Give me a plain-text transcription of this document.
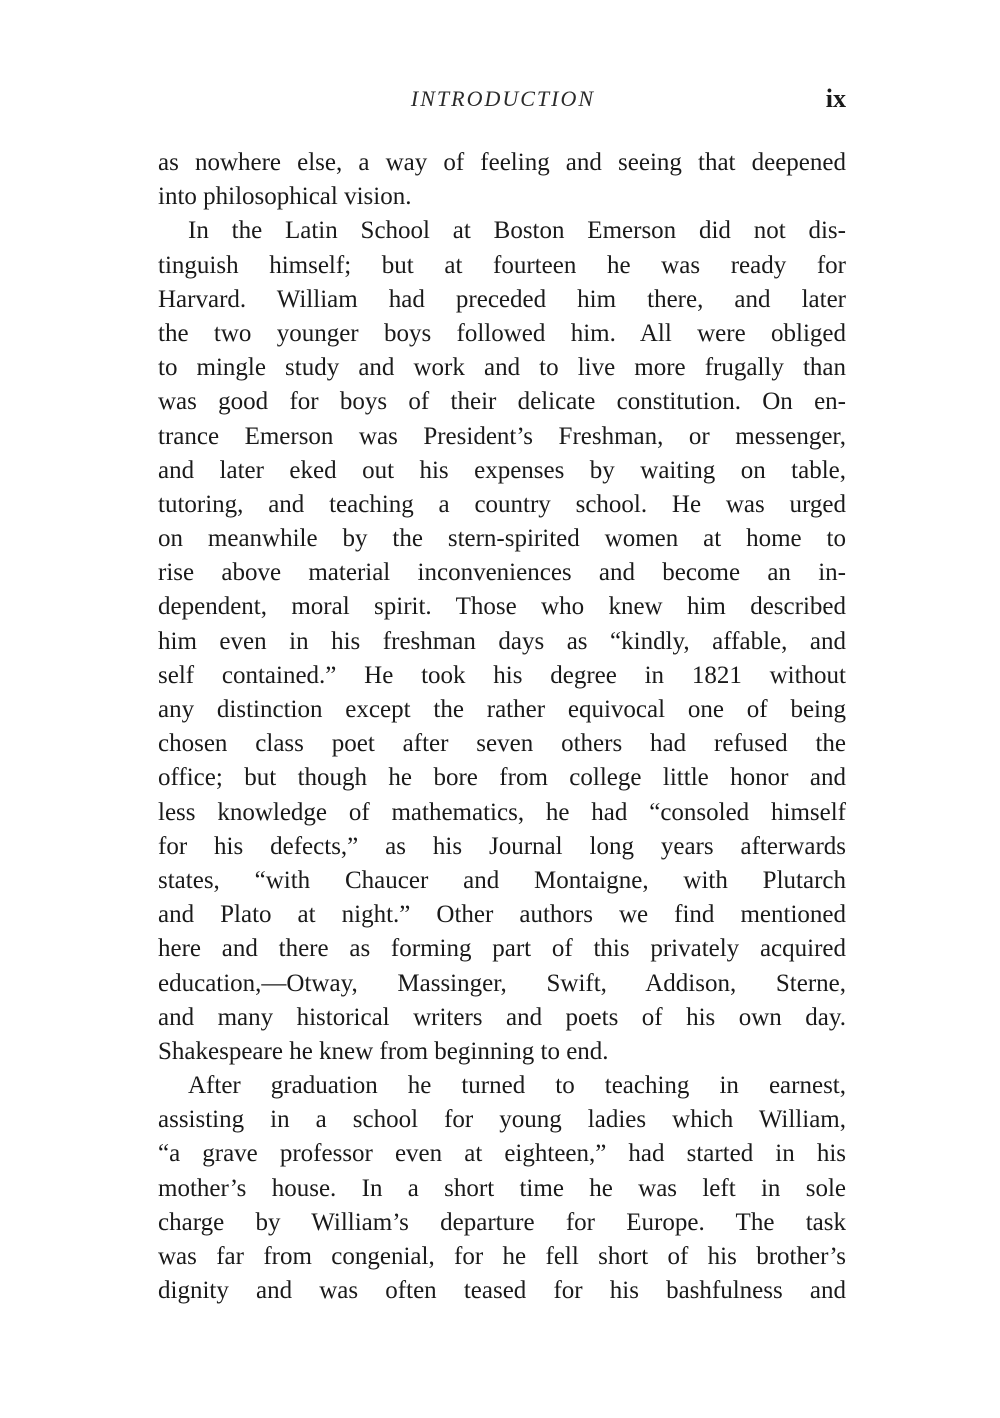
INTRODUCTION	ix
as nowhere else, a way of feeling and seeing that deepened
into philosophical vision.
In the Latin School at Boston Emerson did not dis-
tinguish himself; but at fourteen he was ready for
Harvard. William had preceded him there, and later
the two younger boys followed him. All were obliged
to mingle study and work and to live more frugally than
was good for boys of their delicate constitution. On en-
trance Emerson was President’s Freshman, or messenger,
and later eked out his expenses by waiting on table,
tutoring, and teaching a country school. He was urged
on meanwhile by the stern-spirited women at home to
rise above material inconveniences and become an in-
dependent, moral spirit. Those who knew him described
him even in his freshman days as “kindly, affable, and
self contained.” He took his degree in 1821 without
any distinction except the rather equivocal one of being
chosen class poet after seven others had refused the
office; but though he bore from college little honor and
less knowledge of mathematics, he had “consoled himself
for his defects,” as his Journal long years afterwards
states, “with Chaucer and Montaigne, with Plutarch
and Plato at night.” Other authors we find mentioned
here and there as forming part of this privately acquired
education,—Otway, Massinger, Swift, Addison, Sterne,
and many historical writers and poets of his own day.
Shakespeare he knew from beginning to end.
After graduation he turned to teaching in earnest,
assisting in a school for young ladies which William,
“a grave professor even at eighteen,” had started in his
mother’s house. In a short time he was left in sole
charge by William’s departure for Europe. The task
was far from congenial, for he fell short of his brother’s
dignity and was often teased for his bashfulness and
